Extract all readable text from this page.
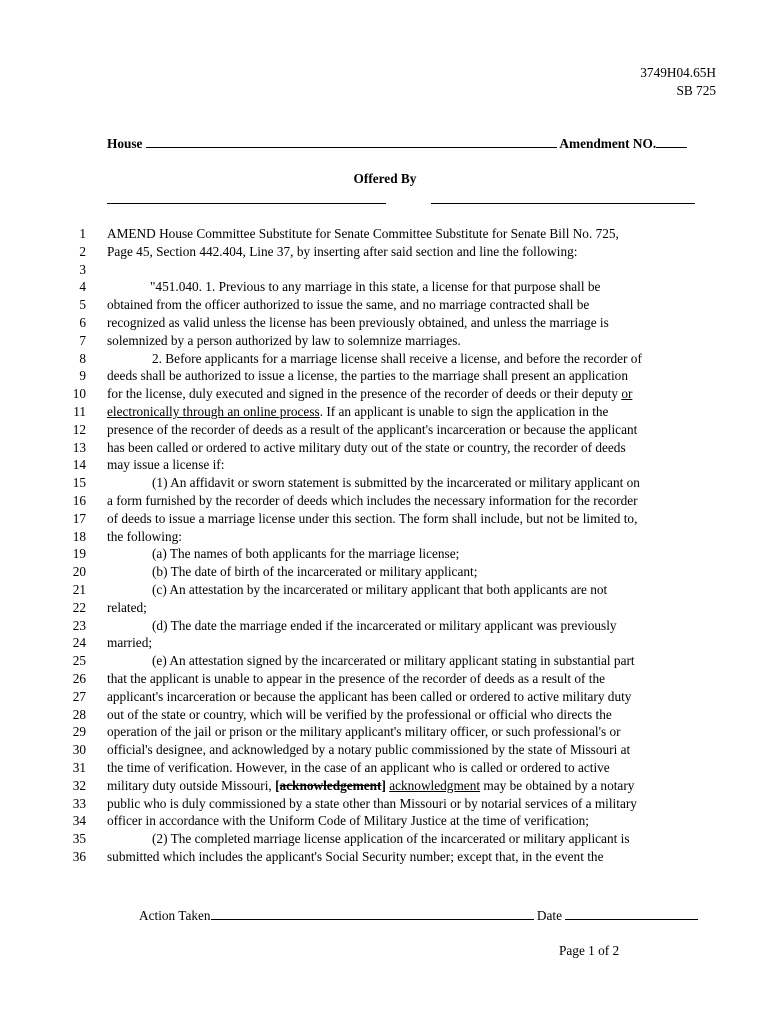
3749H04.65H
SB 725
House	Amendment NO.
Offered By
1 AMEND House Committee Substitute for Senate Committee Substitute for Senate Bill No. 725,
2 Page 45, Section 442.404, Line 37, by inserting after said section and line the following:
3
4	"451.040. 1. Previous to any marriage in this state, a license for that purpose shall be
5 obtained from the officer authorized to issue the same, and no marriage contracted shall be
6 recognized as valid unless the license has been previously obtained, and unless the marriage is
7 solemnized by a person authorized by law to solemnize marriages.
8	2. Before applicants for a marriage license shall receive a license, and before the recorder of
9 deeds shall be authorized to issue a license, the parties to the marriage shall present an application
10 for the license, duly executed and signed in the presence of the recorder of deeds or their deputy or
11 electronically through an online process. If an applicant is unable to sign the application in the
12 presence of the recorder of deeds as a result of the applicant's incarceration or because the applicant
13 has been called or ordered to active military duty out of the state or country, the recorder of deeds
14 may issue a license if:
15	(1) An affidavit or sworn statement is submitted by the incarcerated or military applicant on
16 a form furnished by the recorder of deeds which includes the necessary information for the recorder
17 of deeds to issue a marriage license under this section. The form shall include, but not be limited to,
18 the following:
19	(a) The names of both applicants for the marriage license;
20	(b) The date of birth of the incarcerated or military applicant;
21	(c) An attestation by the incarcerated or military applicant that both applicants are not
22 related;
23	(d) The date the marriage ended if the incarcerated or military applicant was previously
24 married;
25	(e) An attestation signed by the incarcerated or military applicant stating in substantial part
26 that the applicant is unable to appear in the presence of the recorder of deeds as a result of the
27 applicant's incarceration or because the applicant has been called or ordered to active military duty
28 out of the state or country, which will be verified by the professional or official who directs the
29 operation of the jail or prison or the military applicant's military officer, or such professional's or
30 official's designee, and acknowledged by a notary public commissioned by the state of Missouri at
31 the time of verification. However, in the case of an applicant who is called or ordered to active
32 military duty outside Missouri, [acknowledgement] acknowledgment may be obtained by a notary
33 public who is duly commissioned by a state other than Missouri or by notarial services of a military
34 officer in accordance with the Uniform Code of Military Justice at the time of verification;
35	(2) The completed marriage license application of the incarcerated or military applicant is
36 submitted which includes the applicant's Social Security number; except that, in the event the
Action Taken	Date
Page 1 of 2
